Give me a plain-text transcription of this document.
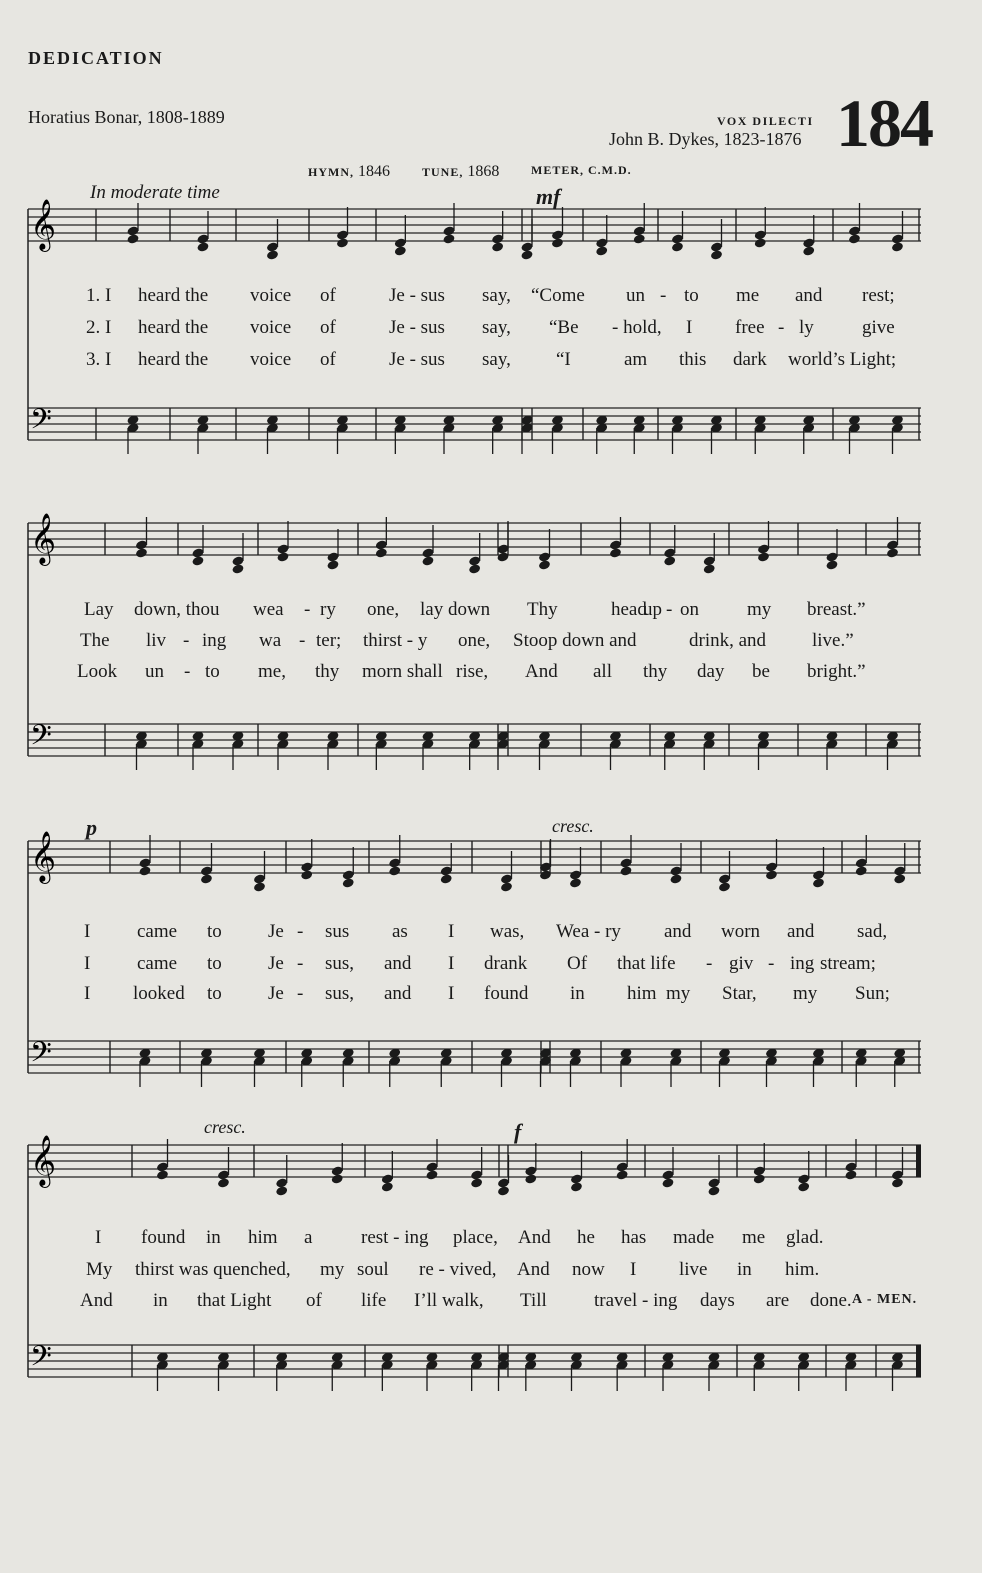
DEDICATION
Horatius Bonar, 1808-1889	VOX DILECTI
John B. Dykes, 1823-1876 184
HYMN, 1846	TUNE, 1868	METER, C.M.D.
In moderate time	mf
p	cresc.
cresc.	f
𝄞
𝄢
𝄞
𝄢
𝄞
𝄢
𝄞
𝄢
1. I heard the voice of	Je - sus say, “Come un - to me and rest;
2. I heard the voice of	Je - sus say, “Be - hold, I free - ly	give
3. I heard the voice of	Je - sus say, “I	am this dark world’s Light;
Lay down, thou wea - ry one, lay down Thy	head
up - on	my breast.”
The liv - ing wa - ter; thirst - y one, Stoop down and	drink, and live.”
Look un - to me, thy morn shall rise, And all thy day be bright.”
I came to Je - sus as I was, Wea - ry and worn and sad,
I came to Je - sus, and I drank Of that life - giv - ing stream;
I looked to Je - sus, and I found in him my Star, my Sun;
I found in him a	rest - ing place, And he has made me glad.
My thirst was quenched, my soul re - vived, And now I live in him.
And in that Light of life I’ll walk, Till travel - ing days are done. A - MEN.
